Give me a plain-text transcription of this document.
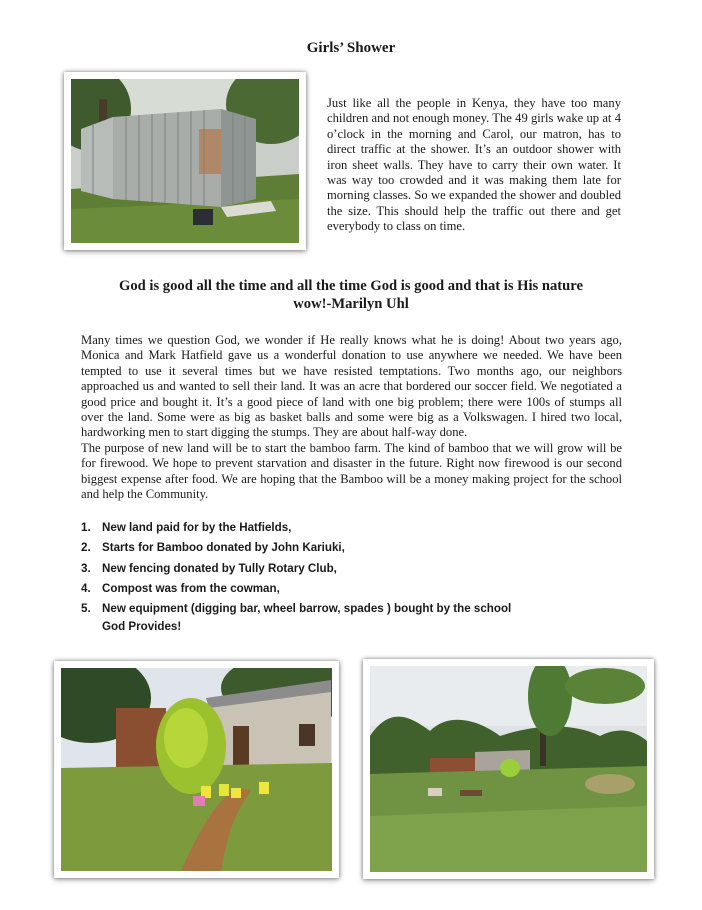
Girls’ Shower
Just like all the people in Kenya, they have too many children and not enough money. The 49 girls wake up at 4 o’clock in the morning and Carol, our matron, has to direct traffic at the shower. It’s an outdoor shower with iron sheet walls. They have to carry their own water. It was way too crowded and it was making them late for morning classes. So we expanded the shower and doubled the size. This should help the traffic out there and get everybody to class on time.
God is good all the time and all the time God is good and that is His nature
wow!-Marilyn Uhl

Many times we question God, we wonder if He really knows what he is doing! About two years ago, Monica and Mark Hatfield gave us a wonderful donation to use anywhere we needed. We have been tempted to use it several times but we have resisted temptations. Two months ago, our neighbors approached us and wanted to sell their land. It was an acre that bordered our soccer field. We negotiated a good price and bought it. It’s a good piece of land with one big problem; there were 100s of stumps all over the land. Some were as big as basket balls and some were big as a Volkswagen. I hired two local, hardworking men to start digging the stumps. They are about half-way done.

The purpose of new land will be to start the bamboo farm. The kind of bamboo that we will grow will be for firewood. We hope to prevent starvation and disaster in the future. Right now firewood is our second biggest expense after food. We are hoping that the Bamboo will be a money making project for the school and help the Community.

1. New land paid for by the Hatfields,
2. Starts for Bamboo donated by John Kariuki,
3. New fencing donated by Tully Rotary Club,
4. Compost was from the cowman,
5. New equipment (digging bar, wheel barrow, spades ) bought by the school
God Provides!
